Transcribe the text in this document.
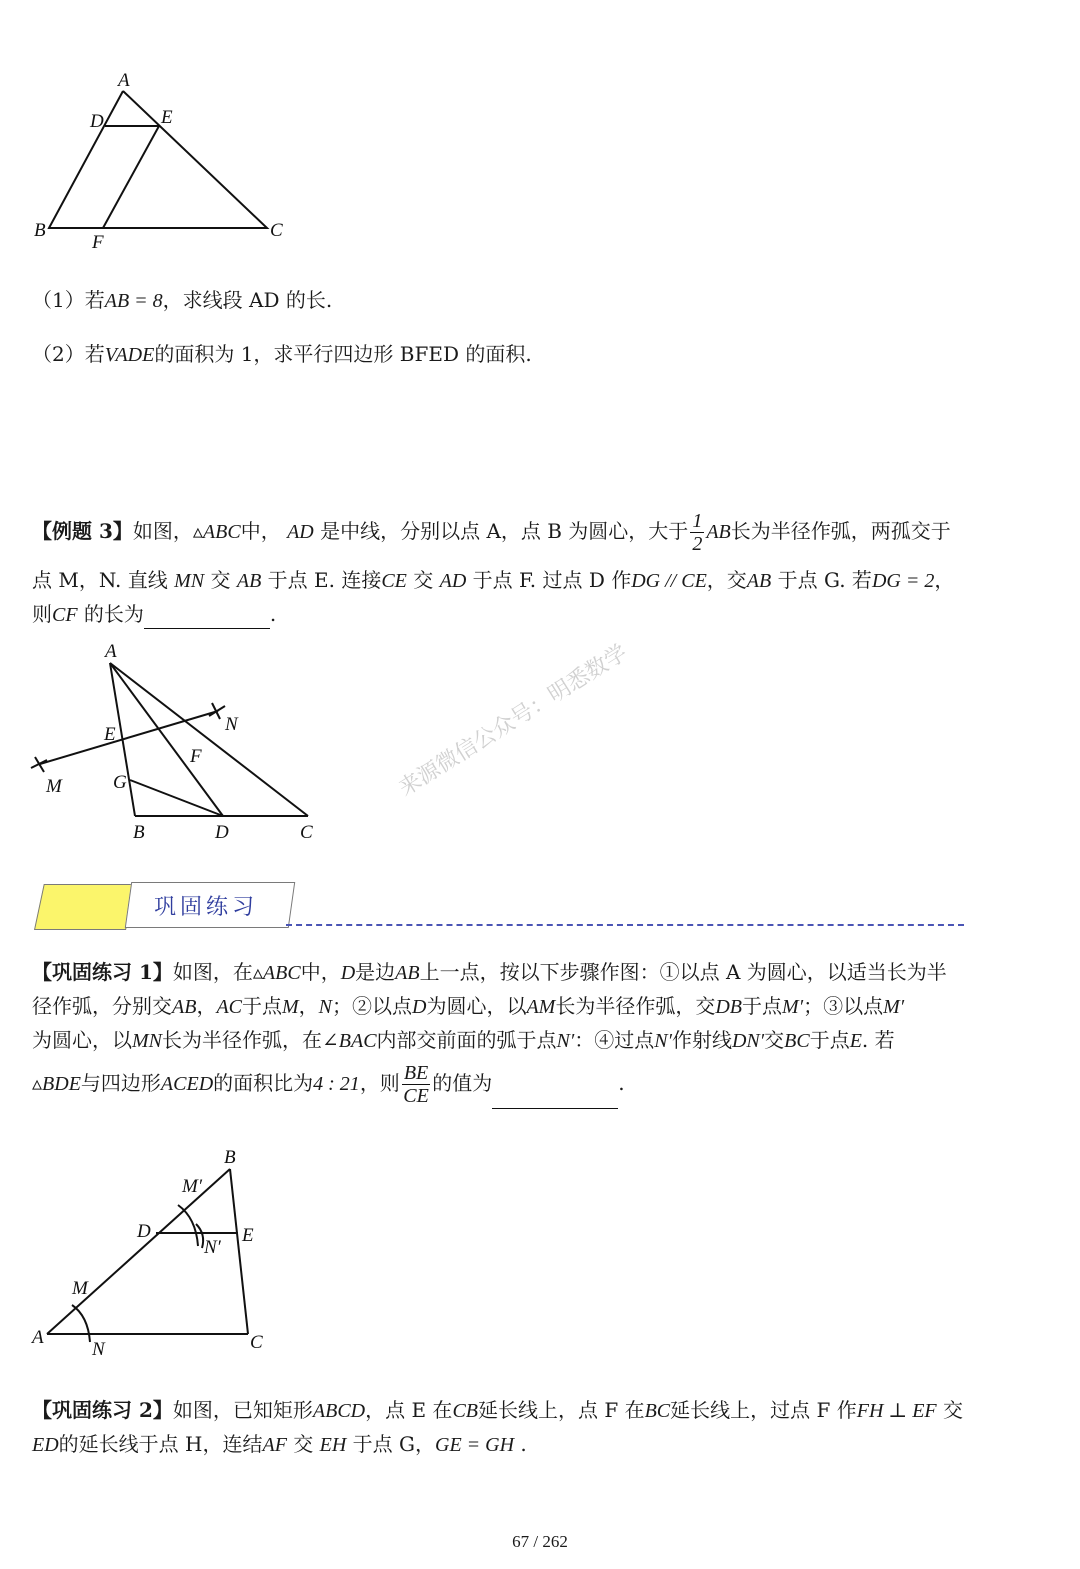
A
D	E
B
F
C
（1）若AB = 8，求线段 AD 的长.
（2）若VADE的面积为 1，求平行四边形 BFED 的面积.
【例题 3】如图，▵ABC中， AD 是中线，分别以点 A，点 B 为圆心，大于 $\frac{1}{2}$ AB长为半径作弧，两孤交于
点 M，N. 直线 MN 交 AB 于点 E. 连接CE 交 AD 于点 F. 过点 D 作DG // CE，交AB 于点 G. 若DG = 2，
则CF 的长为	.
A
N
E
F
M	G
B	D	C
来源微信公众号：明悉数学
巩固练习
【巩固练习 1】如图，在▵ABC中，D是边AB上一点，按以下步骤作图：①以点 A 为圆心，以适当长为半
径作弧，分别交AB，AC于点M，N；②以点D为圆心，以AM长为半径作弧，交DB于点M′；③以点M′
为圆心，以MN长为半径作弧，在∠BAC内部交前面的弧于点N′：④过点N′作射线DN′交BC于点E. 若
▵BDE与四边形ACED的面积比为4 : 21，则 $\frac{BE}{CE}$ 的值为	.
B
M′
D
N′
E
M
A
N	C
【巩固练习 2】如图，已知矩形ABCD，点 E 在CB延长线上，点 F 在BC延长线上，过点 F 作FH ⊥ EF 交
ED的延长线于点 H，连结AF 交 EH 于点 G，GE = GH .
67 / 262
